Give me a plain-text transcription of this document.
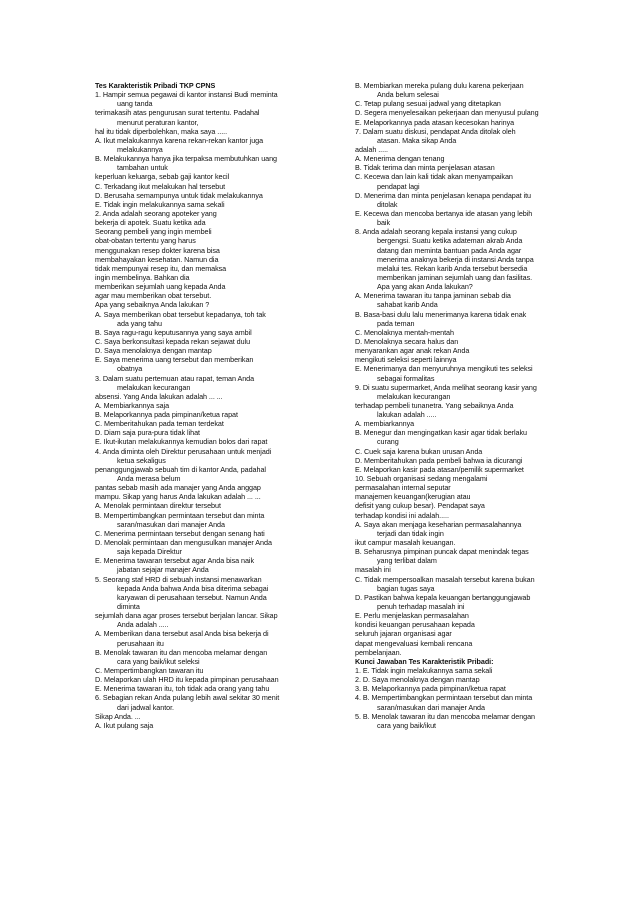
Tes Karakteristik Pribadi TKP CPNS
1. Hampir semua pegawai di kantor instansi Budi meminta
uang tanda
terimakasih atas pengurusan surat tertentu. Padahal
menurut peraturan kantor,
hal itu tidak diperbolehkan, maka saya .....
A. Ikut melakukannya karena rekan-rekan kantor juga
melakukannya
B. Melakukannya hanya jika terpaksa membutuhkan uang
tambahan untuk
keperluan keluarga, sebab gaji kantor kecil
C. Terkadang ikut melakukan hal tersebut
D. Berusaha semampunya untuk tidak melakukannya
E. Tidak ingin melakukannya sama sekali
2. Anda adalah seorang apoteker yang
bekerja di apotek. Suatu ketika ada
Seorang pembeli yang ingin membeli
obat-obatan tertentu yang harus
menggunakan resep dokter karena bisa
membahayakan kesehatan. Namun dia
tidak mempunyai resep itu, dan memaksa
ingin membelinya. Bahkan dia
memberikan sejumlah uang kepada Anda
agar mau memberikan obat tersebut.
Apa yang sebaiknya Anda lakukan ?
A. Saya memberikan obat tersebut kepadanya, toh tak
ada yang tahu
B. Saya ragu-ragu keputusannya yang saya ambil
C. Saya berkonsultasi kepada rekan sejawat dulu
D. Saya menolaknya dengan mantap
E. Saya menerima uang tersebut dan memberikan
obatnya
3. Dalam suatu pertemuan atau rapat, teman Anda
melakukan kecurangan
absensi. Yang Anda lakukan adalah ... ...
A. Membiarkannya saja
B. Melaporkannya pada pimpinan/ketua rapat
C. Memberitahukan pada teman terdekat
D. Diam saja pura-pura tidak lihat
E. Ikut-ikutan melakukannya kemudian bolos dari rapat
4. Anda diminta oleh Direktur perusahaan untuk menjadi
ketua sekaligus
penanggungjawab sebuah tim di kantor Anda, padahal
Anda merasa belum
pantas sebab masih ada manajer yang Anda anggap
mampu. Sikap yang harus Anda lakukan adalah ... ...
A. Menolak permintaan direktur tersebut
B. Mempertimbangkan permintaan tersebut dan minta
saran/masukan dari manajer Anda
C. Menerima permintaan tersebut dengan senang hati
D. Menolak permintaan dan mengusulkan manajer Anda
saja kepada Direktur
E. Menerima tawaran tersebut agar Anda bisa naik
jabatan sejajar manajer Anda
5. Seorang staf HRD di sebuah instansi menawarkan
kepada Anda bahwa Anda bisa diterima sebagai
karyawan di perusahaan tersebut. Namun Anda
diminta
sejumlah dana agar proses tersebut berjalan lancar. Sikap
Anda adalah .....
A. Memberikan dana tersebut asal Anda bisa bekerja di
perusahaan itu
B. Menolak tawaran itu dan mencoba melamar dengan
cara yang baik/ikut seleksi
C. Mempertimbangkan tawaran itu
D. Melaporkan ulah HRD itu kepada pimpinan perusahaan
E. Menerima tawaran itu, toh tidak ada orang yang tahu
6. Sebagian rekan Anda pulang lebih awal sekitar 30 menit
dari jadwal kantor.
Sikap Anda. ...
A. Ikut pulang saja
B. Membiarkan mereka pulang dulu karena pekerjaan
Anda belum selesai
C. Tetap pulang sesuai jadwal yang ditetapkan
D. Segera menyelesaikan pekerjaan dan menyusul pulang
E. Melaporkannya pada atasan kecesokan harinya
7. Dalam suatu diskusi, pendapat Anda ditolak oleh
atasan. Maka sikap Anda
adalah .....
A. Menerima dengan tenang
B. Tidak terima dan minta penjelasan atasan
C. Kecewa dan lain kali tidak akan menyampaikan
pendapat lagi
D. Menerima dan minta penjelasan kenapa pendapat itu
ditolak
E. Kecewa dan mencoba bertanya ide atasan yang lebih
baik
8. Anda adalah seorang kepala instansi yang cukup
bergengsi. Suatu ketika adateman akrab Anda
datang dan meminta bantuan pada Anda agar
menerima anaknya bekerja di instansi Anda tanpa
melalui tes. Rekan karib Anda tersebut bersedia
memberikan jaminan sejumlah uang dan fasilitas.
Apa yang akan Anda lakukan?
A. Menerima tawaran itu tanpa jaminan sebab dia
sahabat karib Anda
B. Basa-basi dulu lalu menerimanya karena tidak enak
pada teman
C. Menolaknya mentah-mentah
D. Menolaknya secara halus dan
menyarankan agar anak rekan Anda
mengikuti seleksi seperti lainnya
E. Menerimanya dan menyuruhnya mengikuti tes seleksi
sebagai formalitas
9. Di suatu supermarket, Anda melihat seorang kasir yang
melakukan kecurangan
terhadap pembeli tunanetra. Yang sebaiknya Anda
lakukan adalah .....
A. membiarkannya
B. Menegur dan mengingatkan kasir agar tidak berlaku
curang
C. Cuek saja karena bukan urusan Anda
D. Memberitahukan pada pembeli bahwa ia dicurangi
E. Melaporkan kasir pada atasan/pemilik supermarket
10. Sebuah organisasi sedang mengalami
permasalahan internal seputar
manajemen keuangan(kerugian atau
defisit yang cukup besar). Pendapat saya
terhadap kondisi ini adalah.....
A. Saya akan menjaga keseharian permasalahannya
terjadi dan tidak ingin
ikut campur masalah keuangan.
B. Seharusnya pimpinan puncak dapat menindak tegas
yang terlibat dalam
masalah ini
C. Tidak mempersoalkan masalah tersebut karena bukan
bagian tugas saya
D. Pastikan bahwa kepala keuangan bertanggungjawab
penuh terhadap masalah ini
E. Perlu menjelaskan permasalahan
kondisi keuangan perusahaan kepada
seluruh jajaran organisasi agar
dapat mengevaluasi kembali rencana
pembelanjaan.
Kunci Jawaban Tes Karakteristik Pribadi:
1. E. Tidak ingin melakukannya sama sekali
2. D. Saya menolaknya dengan mantap
3. B. Melaporkannya pada pimpinan/ketua rapat
4. B. Mempertimbangkan permintaan tersebut dan minta
saran/masukan dari manajer Anda
5. B. Menolak tawaran itu dan mencoba melamar dengan
cara yang baik/ikut
